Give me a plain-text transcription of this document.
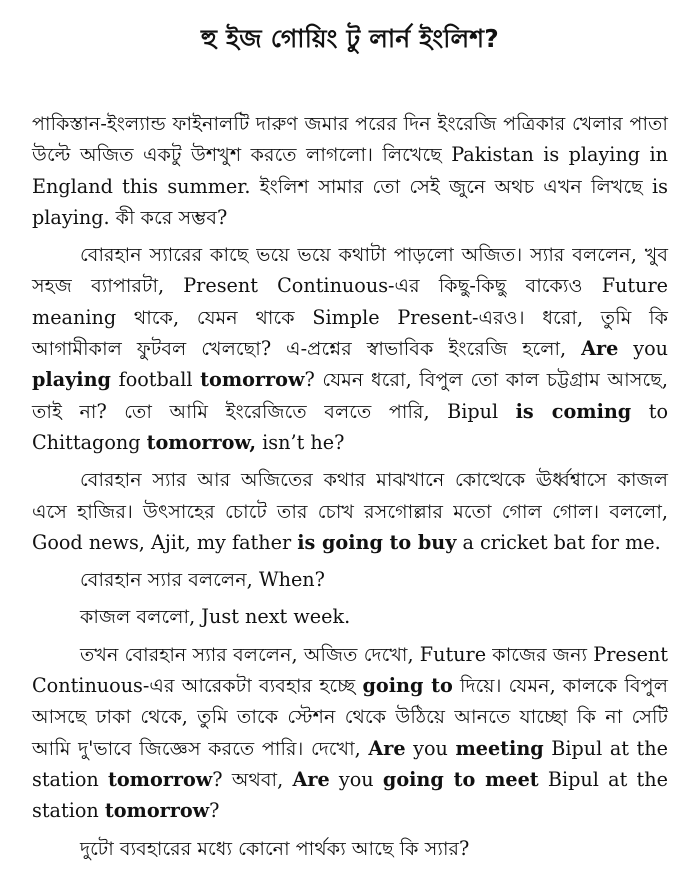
হু ইজ গোয়িং টু লার্ন ইংলিশ?

পাকিস্তান-ইংল্যান্ড ফাইনালটি দারুণ জমার পরের দিন ইংরেজি পত্রিকার খেলার পাতা উল্টে অজিত একটু উশখুশ করতে লাগলো। লিখেছে Pakistan is playing in England this summer. ইংলিশ সামার তো সেই জুনে অথচ এখন লিখছে is playing. কী করে সম্ভব?

বোরহান স্যারের কাছে ভয়ে ভয়ে কথাটা পাড়লো অজিত। স্যার বললেন, খুব সহজ ব্যাপারটা, Present Continuous-এর কিছু-কিছু বাক্যেও Future meaning থাকে, যেমন থাকে Simple Present-এরও। ধরো, তুমি কি আগামীকাল ফুটবল খেলছো? এ-প্রশ্নের স্বাভাবিক ইংরেজি হলো, Are you playing football tomorrow? যেমন ধরো, বিপুল তো কাল চট্টগ্রাম আসছে, তাই না? তো আমি ইংরেজিতে বলতে পারি, Bipul is coming to Chittagong tomorrow, isn’t he?

বোরহান স্যার আর অজিতের কথার মাঝখানে কোত্থেকে ঊর্ধ্বশ্বাসে কাজল এসে হাজির। উৎসাহের চোটে তার চোখ রসগোল্লার মতো গোল গোল। বললো, Good news, Ajit, my father is going to buy a cricket bat for me.

বোরহান স্যার বললেন, When?

কাজল বললো, Just next week.

তখন বোরহান স্যার বললেন, অজিত দেখো, Future কাজের জন্য Present Continuous-এর আরেকটা ব্যবহার হচ্ছে going to দিয়ে। যেমন, কালকে বিপুল আসছে ঢাকা থেকে, তুমি তাকে স্টেশন থেকে উঠিয়ে আনতে যাচ্ছো কি না সেটি আমি দু'ভাবে জিজ্ঞেস করতে পারি। দেখো, Are you meeting Bipul at the station tomorrow? অথবা, Are you going to meet Bipul at the station tomorrow?

দুটো ব্যবহারের মধ্যে কোনো পার্থক্য আছে কি স্যার?
